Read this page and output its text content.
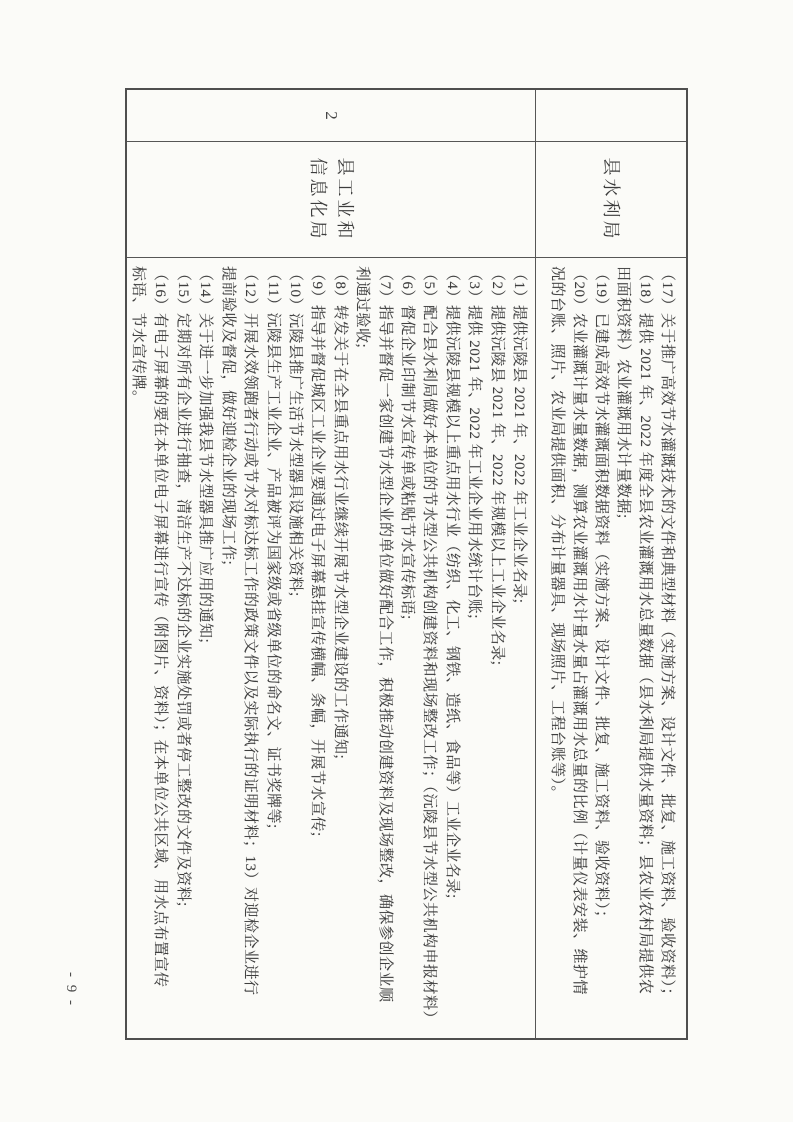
2
县水利局
县工业和
信息化局
（17）关于推广高效节水灌溉技术的文件和典型材料（实施方案、设计文件、批复、施工资料、验收资料）；
（18）提供 2021 年、2022 年度全县农业灌溉用水总量数据（县水利局提供水量资料；县农业农村局提供农
田面积资料）农业灌溉用水计量数据;
（19）已建成高效节水灌溉面积数据资料（实施方案、设计文件、批复、施工资料、验收资料）；
（20）农业灌溉计量水量数据，测算农业灌溉用水计量水量占灌溉用水总量的比例（计量仪表安装、维护情
况的台账、照片、农业局提供面积、分布计量器具、现场照片、工程台账等）。
（1）提供沅陵县 2021 年、2022 年工业企业名录;
（2）提供沅陵县 2021 年、2022 年规模以上工业企业名录;
（3）提供 2021 年、2022 年工业企业用水统计台账;
（4）提供沅陵县规模以上重点用水行业（纺织、化工、钢铁、造纸、食品等）工业企业名录;
（5）配合县水利局做好本单位的节水型公共机构创建资料和现场整改工作；（沅陵县节水型公共机构申报材料）
（6）督促企业印制节水宣传单或粘贴节水宣传标语;
（7）指导并督促一家创建节水型企业的单位做好配合工作，积极推动创建资料及现场整改，确保参创企业顺
利通过验收;
（8）转发关于在全县重点用水行业继续开展节水型企业建设的工作通知;
（9）指导并督促城区工业企业要通过电子屏幕悬挂宣传横幅、条幅，开展节水宣传;
（10）沅陵县推广生活节水型器具设施相关资料;
（11）沅陵县生产工业企业、产品被评为国家级或省级单位的命名文、证书奖牌等;
（12）开展水效领跑者行动或节水对标达标工作的政策文件以及实际执行的证明材料；13）对迎检企业进行
提前验收及督促，做好迎检企业的现场工作;
（14）关于进一步加强我县节水型器具推广应用的通知;
（15）定期对所有企业进行抽查，清洁生产不达标的企业实施处罚或者停工整改的文件及资料;
（16）有电子屏幕的要在本单位电子屏幕进行宣传（附图片、资料）；在本单位公共区域、用水点布置宣传
标语、节水宣传牌。
- 9 -
